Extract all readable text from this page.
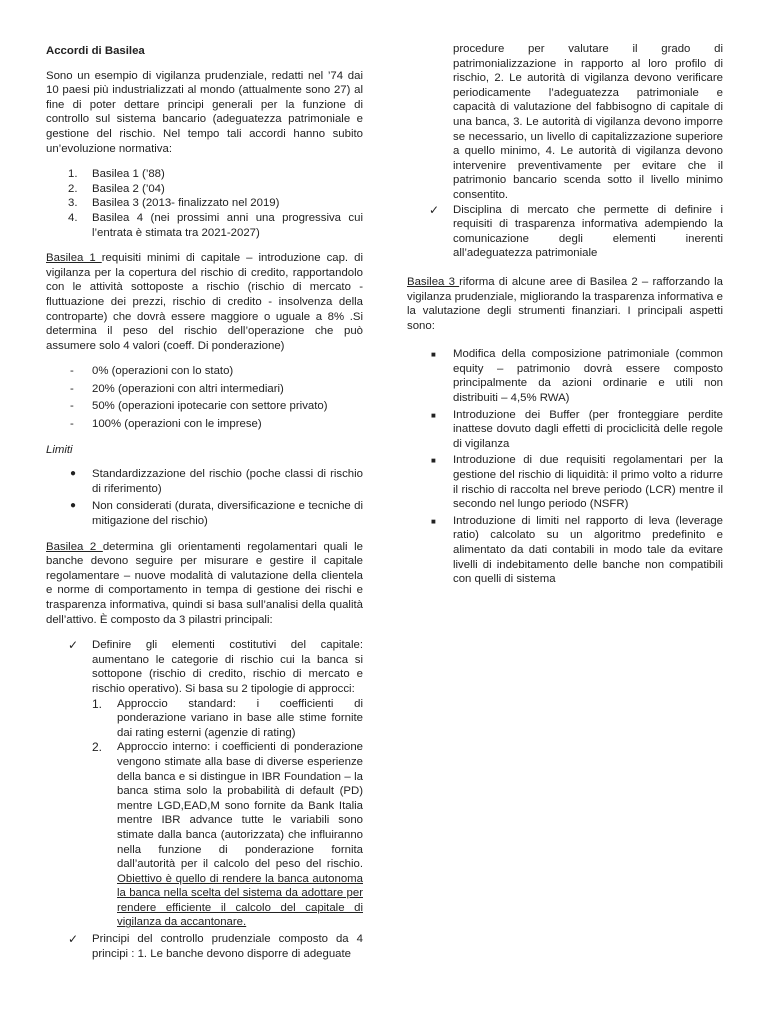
Accordi di Basilea

Sono un esempio di vigilanza prudenziale, redatti nel ’74 dai 10 paesi più industrializzati al mondo (attualmente sono 27) al fine di poter dettare principi generali per la funzione di controllo sul sistema bancario (adeguatezza patrimoniale e gestione del rischio. Nel tempo tali accordi hanno subito un’evoluzione normativa:

1. Basilea 1 (’88)
2. Basilea 2 (’04)
3. Basilea 3 (2013- finalizzato nel 2019)
4. Basilea 4 (nei prossimi anni una progressiva cui l’entrata è stimata tra 2021-2027)

Basilea 1 requisiti minimi di capitale – introduzione cap. di vigilanza per la copertura del rischio di credito, rapportandolo con le attività sottoposte a rischio (rischio di mercato -fluttuazione dei prezzi, rischio di credito - insolvenza della controparte) che dovrà essere maggiore o uguale a 8% .Si determina il peso del rischio dell’operazione che può assumere solo 4 valori (coeff. Di ponderazione)

- 0% (operazioni con lo stato)
- 20% (operazioni con altri intermediari)
- 50% (operazioni ipotecarie con settore privato)
- 100% (operazioni con le imprese)

Limiti

● Standardizzazione del rischio (poche classi di rischio di riferimento)
● Non considerati (durata, diversificazione e tecniche di mitigazione del rischio)

Basilea 2 determina gli orientamenti regolamentari quali le banche devono seguire per misurare e gestire il capitale regolamentare – nuove modalità di valutazione della clientela e norme di comportamento in tempa di gestione dei rischi e trasparenza informativa, quindi si basa sull’analisi della qualità dell’attivo. È composto da 3 pilastri principali:

✓ Definire gli elementi costitutivi del capitale: aumentano le categorie di rischio cui la banca si sottopone (rischio di credito, rischio di mercato e rischio operativo). Si basa su 2 tipologie di approcci:
1. Approccio standard: i coefficienti di ponderazione variano in base alle stime fornite dai rating esterni (agenzie di rating)
2. Approccio interno: i coefficienti di ponderazione vengono stimate alla base di diverse esperienze della banca e si distingue in IBR Foundation – la banca stima solo la probabilità di default (PD) mentre LGD,EAD,M sono fornite da Bank Italia mentre IBR advance tutte le variabili sono stimate dalla banca (autorizzata) che influiranno nella funzione di ponderazione fornita dall’autorità per il calcolo del peso del rischio. Obiettivo è quello di rendere la banca autonoma la banca nella scelta del sistema da adottare per rendere efficiente il calcolo del capitale di vigilanza da accantonare.
✓ Principi del controllo prudenziale composto da 4 principi : 1. Le banche devono disporre di adeguate

procedure per valutare il grado di patrimonializzazione in rapporto al loro profilo di rischio, 2. Le autorità di vigilanza devono verificare periodicamente l’adeguatezza patrimoniale e capacità di valutazione del fabbisogno di capitale di una banca, 3. Le autorità di vigilanza devono imporre se necessario, un livello di capitalizzazione superiore a quello minimo, 4. Le autorità di vigilanza devono intervenire preventivamente per evitare che il patrimonio bancario scenda sotto il livello minimo consentito.

✓ Disciplina di mercato che permette di definire i requisiti di trasparenza informativa adempiendo la comunicazione degli elementi inerenti all’adeguatezza patrimoniale

Basilea 3 riforma di alcune aree di Basilea 2 – rafforzando la vigilanza prudenziale, migliorando la trasparenza informativa e la valutazione degli strumenti finanziari. I principali aspetti sono:

■ Modifica della composizione patrimoniale (common equity – patrimonio dovrà essere composto principalmente da azioni ordinarie e utili non distribuiti – 4,5% RWA)
■ Introduzione dei Buffer (per fronteggiare perdite inattese dovuto dagli effetti di prociclicità delle regole di vigilanza
■ Introduzione di due requisiti regolamentari per la gestione del rischio di liquidità: il primo volto a ridurre il rischio di raccolta nel breve periodo (LCR) mentre il secondo nel lungo periodo (NSFR)
■ Introduzione di limiti nel rapporto di leva (leverage ratio) calcolato su un algoritmo predefinito e alimentato da dati contabili in modo tale da evitare livelli di indebitamento delle banche non compatibili con quelli di sistema
